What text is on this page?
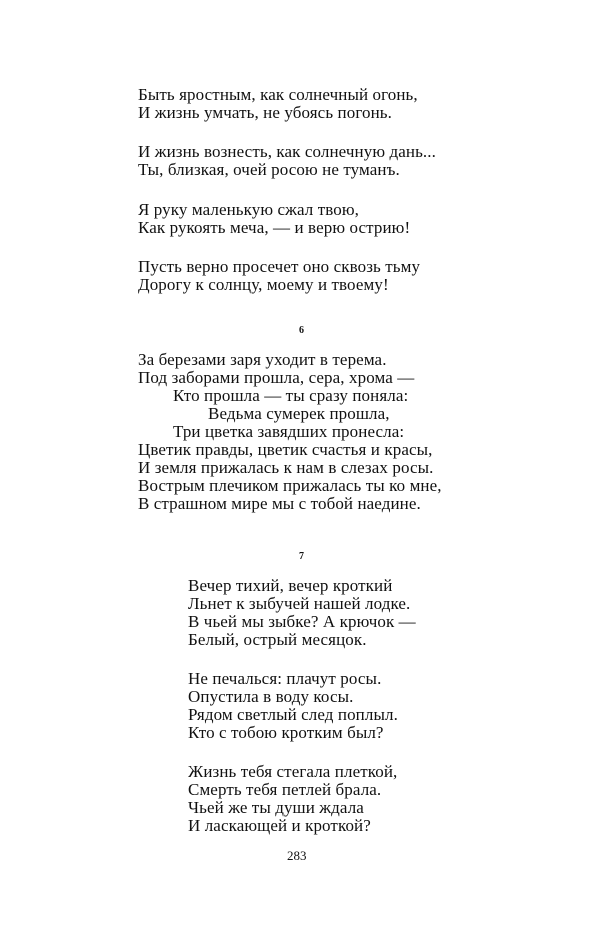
Быть яростным, как солнечный огонь,
И жизнь умчать, не убоясь погонь.
И жизнь вознесть, как солнечную дань...
Ты, близкая, очей росою не туманъ.
Я руку маленькую сжал твою,
Как рукоять меча, — и верю острию!
Пусть верно просечет оно сквозь тьму
Дорогу к солнцу, моему и твоему!
6
За березами заря уходит в терема.
Под заборами прошла, сера, хрома —
Кто прошла — ты сразу поняла:
Ведьма сумерек прошла,
Три цветка завядших пронесла:
Цветик правды, цветик счастья и красы,
И земля прижалась к нам в слезах росы.
Вострым плечиком прижалась ты ко мне,
В страшном мире мы с тобой наедине.
7
Вечер тихий, вечер кроткий
Льнет к зыбучей нашей лодке.
В чьей мы зыбке? А крючок —
Белый, острый месяцок.
Не печалься: плачут росы.
Опустила в воду косы.
Рядом светлый след поплыл.
Кто с тобою кротким был?
Жизнь тебя стегала плеткой,
Смерть тебя петлей брала.
Чьей же ты души ждала
И ласкающей и кроткой?
283
